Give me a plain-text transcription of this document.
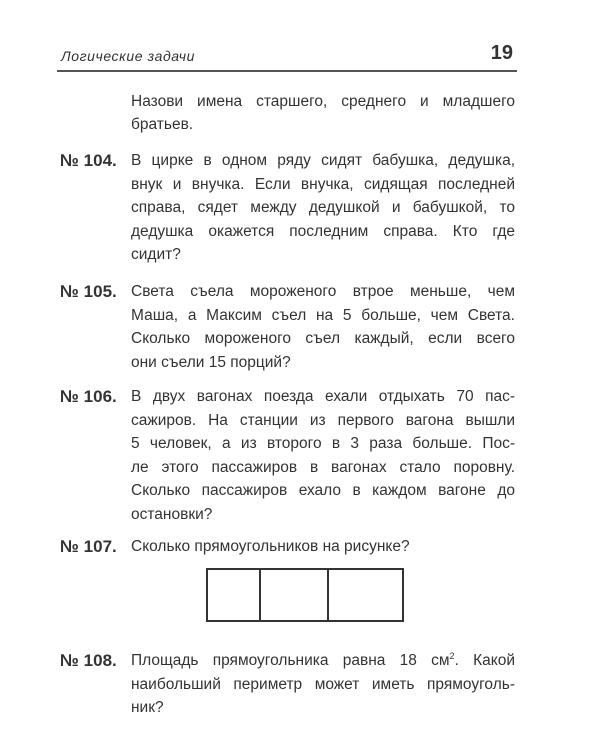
Логические задачи	19
Назови имена старшего, среднего и младшего
братьев.
№ 104. В цирке в одном ряду сидят бабушка, дедушка,
внук и внучка. Если внучка, сидящая последней
справа, сядет между дедушкой и бабушкой, то
дедушка окажется последним справа. Кто где
сидит?
№ 105. Света съела мороженого втрое меньше, чем
Маша, а Максим съел на 5 больше, чем Света.
Сколько мороженого съел каждый, если всего
они съели 15 порций?
№ 106. В двух вагонах поезда ехали отдыхать 70 пас-
сажиров. На станции из первого вагона вышли
5 человек, а из второго в 3 раза больше. Пос-
ле этого пассажиров в вагонах стало поровну.
Сколько пассажиров ехало в каждом вагоне до
остановки?
№ 107. Сколько прямоугольников на рисунке?
№ 108. Площадь прямоугольника равна 18 $см^2$. Какой
наибольший периметр может иметь прямоуголь-
ник?
